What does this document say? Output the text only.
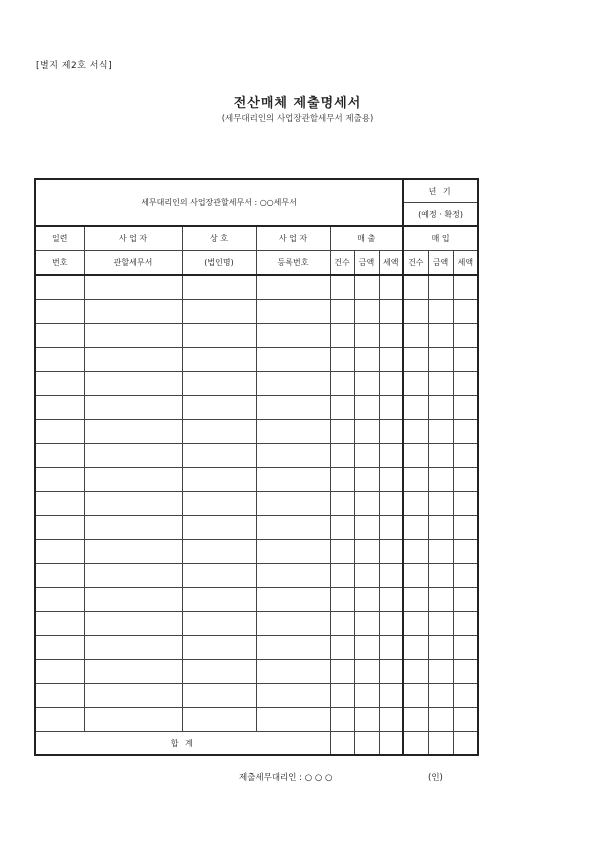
[별지 제2호 서식]
전산매체 제출명세서
(세무대리인의 사업장관할세무서 제출용)
세무대리인의 사업장관할세무서 : ○○세무서							년 기		
							(예정 · 확정)		
일련	사 업 자	상 호	사 업 자	매 출			매 입		
번호	관할세무서	(법인명)	등록번호	건수	금액	세액	건수	금액	세액

합 계									
제출세무대리인 : ○ ○ ○	(인)
